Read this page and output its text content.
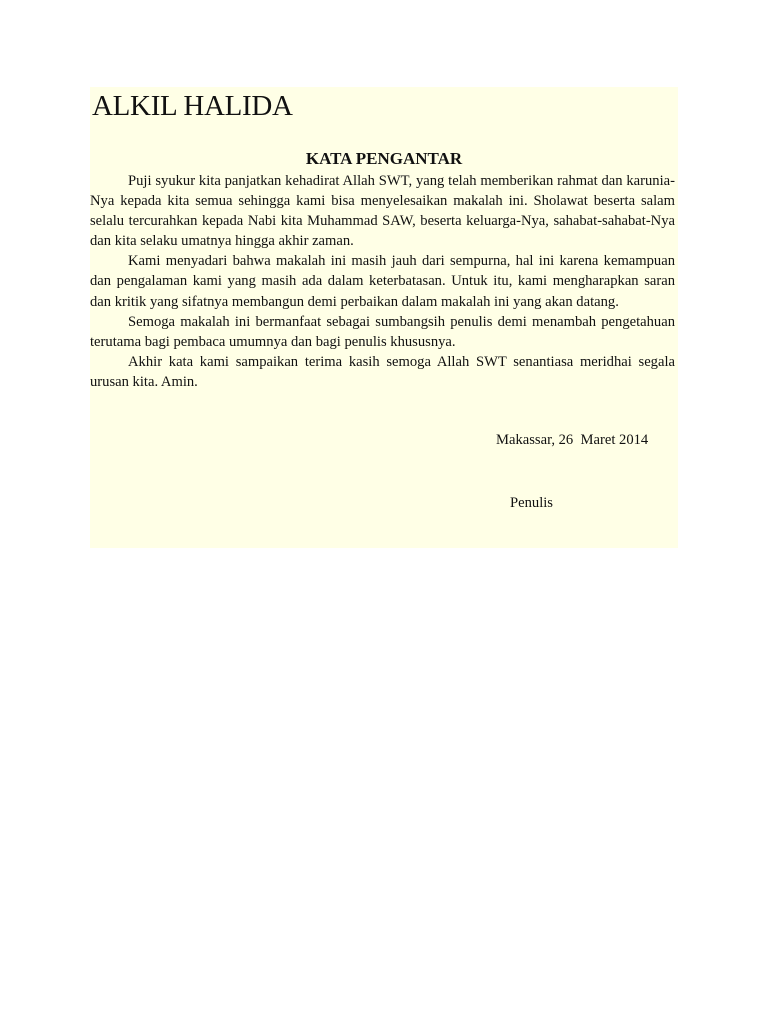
ALKIL HALIDA
KATA PENGANTAR

Puji syukur kita panjatkan kehadirat Allah SWT, yang telah memberikan rahmat dan karunia-Nya kepada kita semua sehingga kami bisa menyelesaikan makalah ini. Sholawat beserta salam selalu tercurahkan kepada Nabi kita Muhammad SAW, beserta keluarga-Nya, sahabat-sahabat-Nya dan kita selaku umatnya hingga akhir zaman.

Kami menyadari bahwa makalah ini masih jauh dari sempurna, hal ini karena kemampuan dan pengalaman kami yang masih ada dalam keterbatasan. Untuk itu, kami mengharapkan saran dan kritik yang sifatnya membangun demi perbaikan dalam makalah ini yang akan datang.

Semoga makalah ini bermanfaat sebagai sumbangsih penulis demi menambah pengetahuan terutama bagi pembaca umumnya dan bagi penulis khususnya.

Akhir kata kami sampaikan terima kasih semoga Allah SWT senantiasa meridhai segala urusan kita. Amin.

Makassar, 26  Maret 2014
Penulis
